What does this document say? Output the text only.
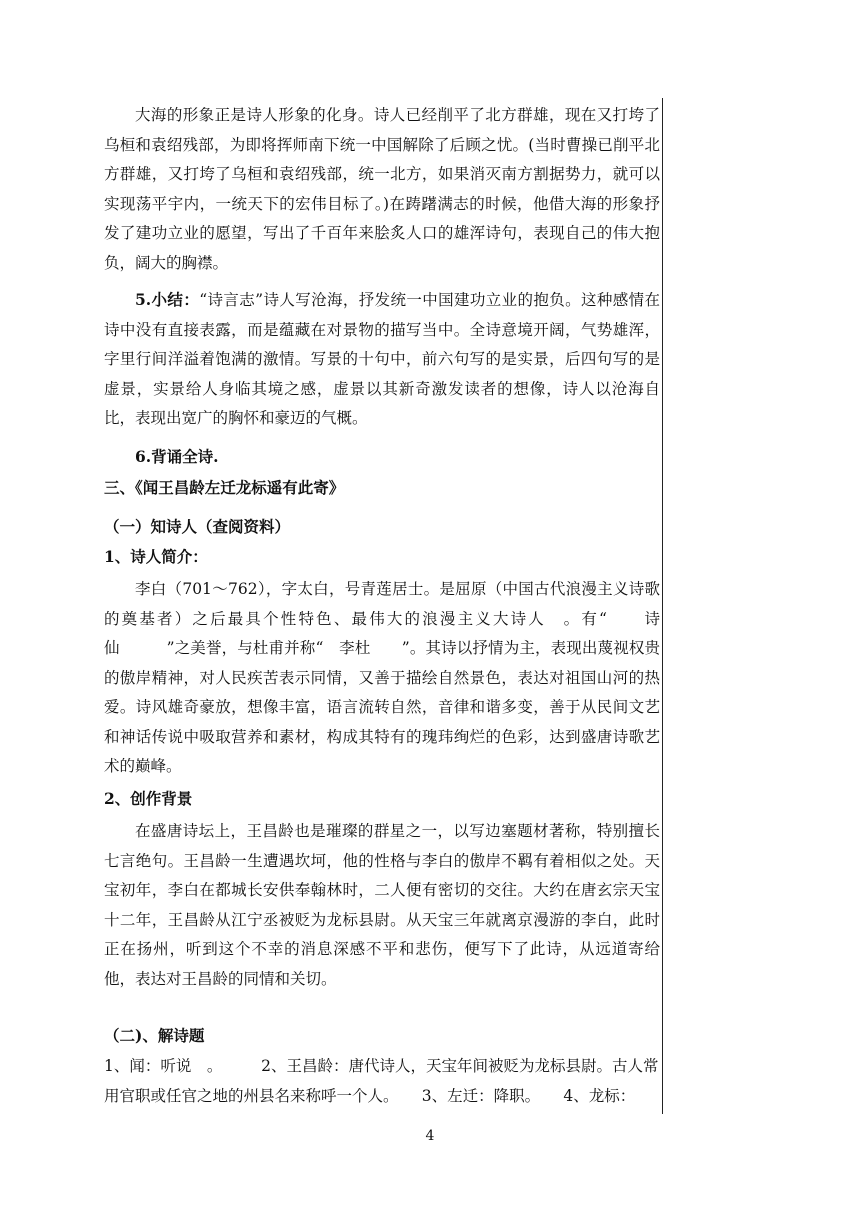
大海的形象正是诗人形象的化身。诗人已经削平了北方群雄，现在又打垮了乌桓和袁绍残部，为即将挥师南下统一中国解除了后顾之忧。(当时曹操已削平北方群雄，又打垮了乌桓和袁绍残部，统一北方，如果消灭南方割据势力，就可以实现荡平宇内，一统天下的宏伟目标了。)在踌躇满志的时候，他借大海的形象抒发了建功立业的愿望，写出了千百年来脍炙人口的雄浑诗句，表现自己的伟大抱负，阔大的胸襟。

5.小结：“诗言志”诗人写沧海，抒发统一中国建功立业的抱负。这种感情在诗中没有直接表露，而是蕴藏在对景物的描写当中。全诗意境开阔，气势雄浑，字里行间洋溢着饱满的激情。写景的十句中，前六句写的是实景，后四句写的是虚景，实景给人身临其境之感，虚景以其新奇激发读者的想像，诗人以沧海自比，表现出宽广的胸怀和豪迈的气概。

6.背诵全诗.

三、《闻王昌龄左迁龙标遥有此寄》

（一）知诗人（查阅资料）

1、诗人简介：

李白（701～762），字太白，号青莲居士。是屈原（中国古代浪漫主义诗歌的奠基者）之后最具个性特色、最伟大的浪漫主义大诗人　。有“　　诗仙　　　”之美誉，与杜甫并称“　李杜　　”。其诗以抒情为主，表现出蔑视权贵的傲岸精神，对人民疾苦表示同情，又善于描绘自然景色，表达对祖国山河的热爱。诗风雄奇豪放，想像丰富，语言流转自然，音律和谐多变，善于从民间文艺和神话传说中吸取营养和素材，构成其特有的瑰玮绚烂的色彩，达到盛唐诗歌艺术的巅峰。

2、创作背景

在盛唐诗坛上，王昌龄也是璀璨的群星之一，以写边塞题材著称，特别擅长七言绝句。王昌龄一生遭遇坎坷，他的性格与李白的傲岸不羁有着相似之处。天宝初年，李白在都城长安供奉翰林时，二人便有密切的交往。大约在唐玄宗天宝十二年，王昌龄从江宁丞被贬为龙标县尉。从天宝三年就离京漫游的李白，此时正在扬州，听到这个不幸的消息深感不平和悲伤，便写下了此诗，从远道寄给他，表达对王昌龄的同情和关切。

（二)、解诗题

1、闻：听说　。　　　2、王昌龄：唐代诗人，天宝年间被贬为龙标县尉。古人常用官职或任官之地的州县名来称呼一个人。　　3、左迁：降职。　　4、龙标：

4
